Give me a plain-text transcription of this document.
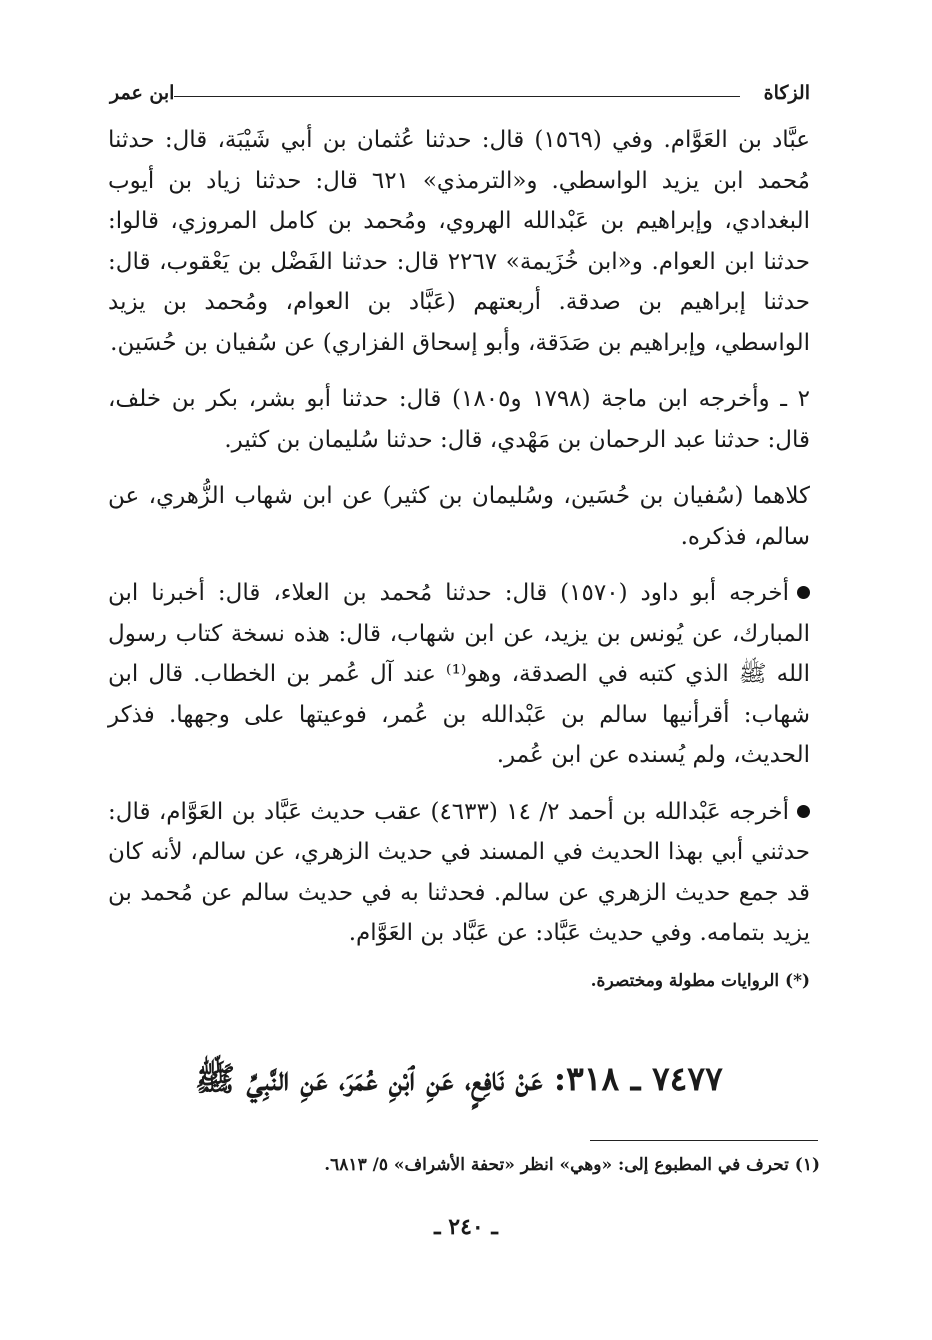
الزكاة
ابن عمر

عبَّاد بن العَوَّام. وفي (١٥٦٩) قال: حدثنا عُثمان بن أبي شَيْبَة، قال: حدثنا مُحمد ابن يزيد الواسطي. و«الترمذي» ٦٢١ قال: حدثنا زياد بن أيوب البغدادي، وإبراهيم بن عَبْدالله الهروي، ومُحمد بن كامل المروزي، قالوا: حدثنا ابن العوام. و«ابن خُزَيمة» ٢٢٦٧ قال: حدثنا الفَضْل بن يَعْقوب، قال: حدثنا إبراهيم بن صدقة. أربعتهم (عَبَّاد بن العوام، ومُحمد بن يزيد الواسطي، وإبراهيم بن صَدَقة، وأبو إسحاق الفزاري) عن سُفيان بن حُسَين.

٢ ـ وأخرجه ابن ماجة (١٧٩٨ و١٨٠٥) قال: حدثنا أبو بشر، بكر بن خلف، قال: حدثنا عبد الرحمان بن مَهْدي، قال: حدثنا سُليمان بن كثير.

كلاهما (سُفيان بن حُسَين، وسُليمان بن كثير) عن ابن شهاب الزُّهري، عن سالم، فذكره.

أخرجه أبو داود (١٥٧٠) قال: حدثنا مُحمد بن العلاء، قال: أخبرنا ابن المبارك، عن يُونس بن يزيد، عن ابن شهاب، قال: هذه نسخة كتاب رسول الله ﷺ الذي كتبه في الصدقة، وهو⁽¹⁾ عند آل عُمر بن الخطاب. قال ابن شهاب: أقرأنيها سالم بن عَبْدالله بن عُمر، فوعيتها على وجهها. فذكر الحديث، ولم يُسنده عن ابن عُمر.

أخرجه عَبْدالله بن أحمد ٢/ ١٤ (٤٦٣٣) عقب حديث عَبَّاد بن العَوَّام، قال: حدثني أبي بهذا الحديث في المسند في حديث الزهري، عن سالم، لأنه كان قد جمع حديث الزهري عن سالم. فحدثنا به في حديث سالم عن مُحمد بن يزيد بتمامه. وفي حديث عَبَّاد: عن عَبَّاد بن العَوَّام.

(*) الروايات مطولة ومختصرة.

٧٤٧٧ ـ ٣١٨: عَنْ نَافِعٍ، عَنِ ٱبْنِ عُمَرَ، عَنِ النَّبِيِّ ﷺ
(١) تحرف في المطبوع إلى: «وهي» انظر «تحفة الأشراف» ٥/ ٦٨١٣.
ـ ٢٤٠ ـ
